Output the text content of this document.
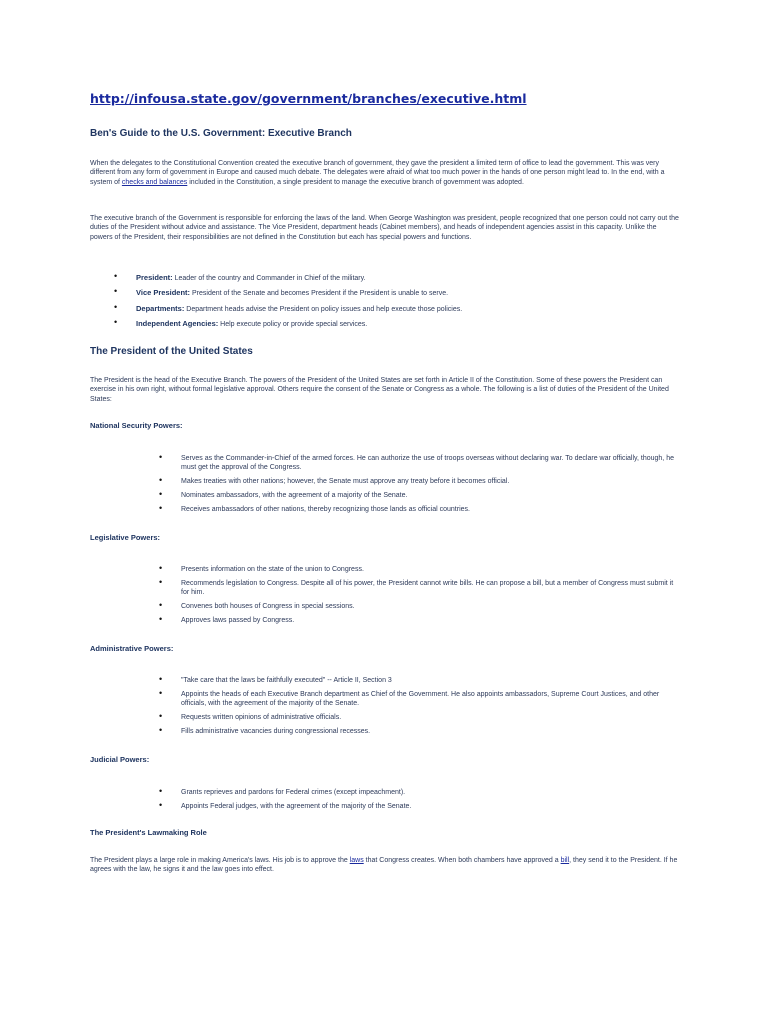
http://infousa.state.gov/government/branches/executive.html
Ben's Guide to the U.S. Government: Executive Branch

When the delegates to the Constitutional Convention created the executive branch of government, they gave the president a limited term of office to lead the government. This was very different from any form of government in Europe and caused much debate. The delegates were afraid of what too much power in the hands of one person might lead to. In the end, with a system of checks and balances included in the Constitution, a single president to manage the executive branch of government was adopted.

The executive branch of the Government is responsible for enforcing the laws of the land. When George Washington was president, people recognized that one person could not carry out the duties of the President without advice and assistance. The Vice President, department heads (Cabinet members), and heads of independent agencies assist in this capacity. Unlike the powers of the President, their responsibilities are not defined in the Constitution but each has special powers and functions.

•	President: Leader of the country and Commander in Chief of the military.
•	Vice President: President of the Senate and becomes President if the President is unable to serve.
•	Departments: Department heads advise the President on policy issues and help execute those policies.
•	Independent Agencies: Help execute policy or provide special services.
The President of the United States

The President is the head of the Executive Branch. The powers of the President of the United States are set forth in Article II of the Constitution. Some of these powers the President can exercise in his own right, without formal legislative approval. Others require the consent of the Senate or Congress as a whole. The following is a list of duties of the President of the United States:

National Security Powers:
•	Serves as the Commander-in-Chief of the armed forces. He can authorize the use of troops overseas without declaring war. To declare war officially, though, he must get the approval of the Congress.
•	Makes treaties with other nations; however, the Senate must approve any treaty before it becomes official.
•	Nominates ambassadors, with the agreement of a majority of the Senate.
•	Receives ambassadors of other nations, thereby recognizing those lands as official countries.
Legislative Powers:
•	Presents information on the state of the union to Congress.
•	Recommends legislation to Congress. Despite all of his power, the President cannot write bills. He can propose a bill, but a member of Congress must submit it for him.
•	Convenes both houses of Congress in special sessions.
•	Approves laws passed by Congress.
Administrative Powers:
•	"Take care that the laws be faithfully executed" -- Article II, Section 3
•	Appoints the heads of each Executive Branch department as Chief of the Government. He also appoints ambassadors, Supreme Court Justices, and other officials, with the agreement of the majority of the Senate.
•	Requests written opinions of administrative officials.
•	Fills administrative vacancies during congressional recesses.
Judicial Powers:
•	Grants reprieves and pardons for Federal crimes (except impeachment).
•	Appoints Federal judges, with the agreement of the majority of the Senate.
The President's Lawmaking Role

The President plays a large role in making America's laws. His job is to approve the laws that Congress creates. When both chambers have approved a bill, they send it to the President. If he agrees with the law, he signs it and the law goes into effect.
